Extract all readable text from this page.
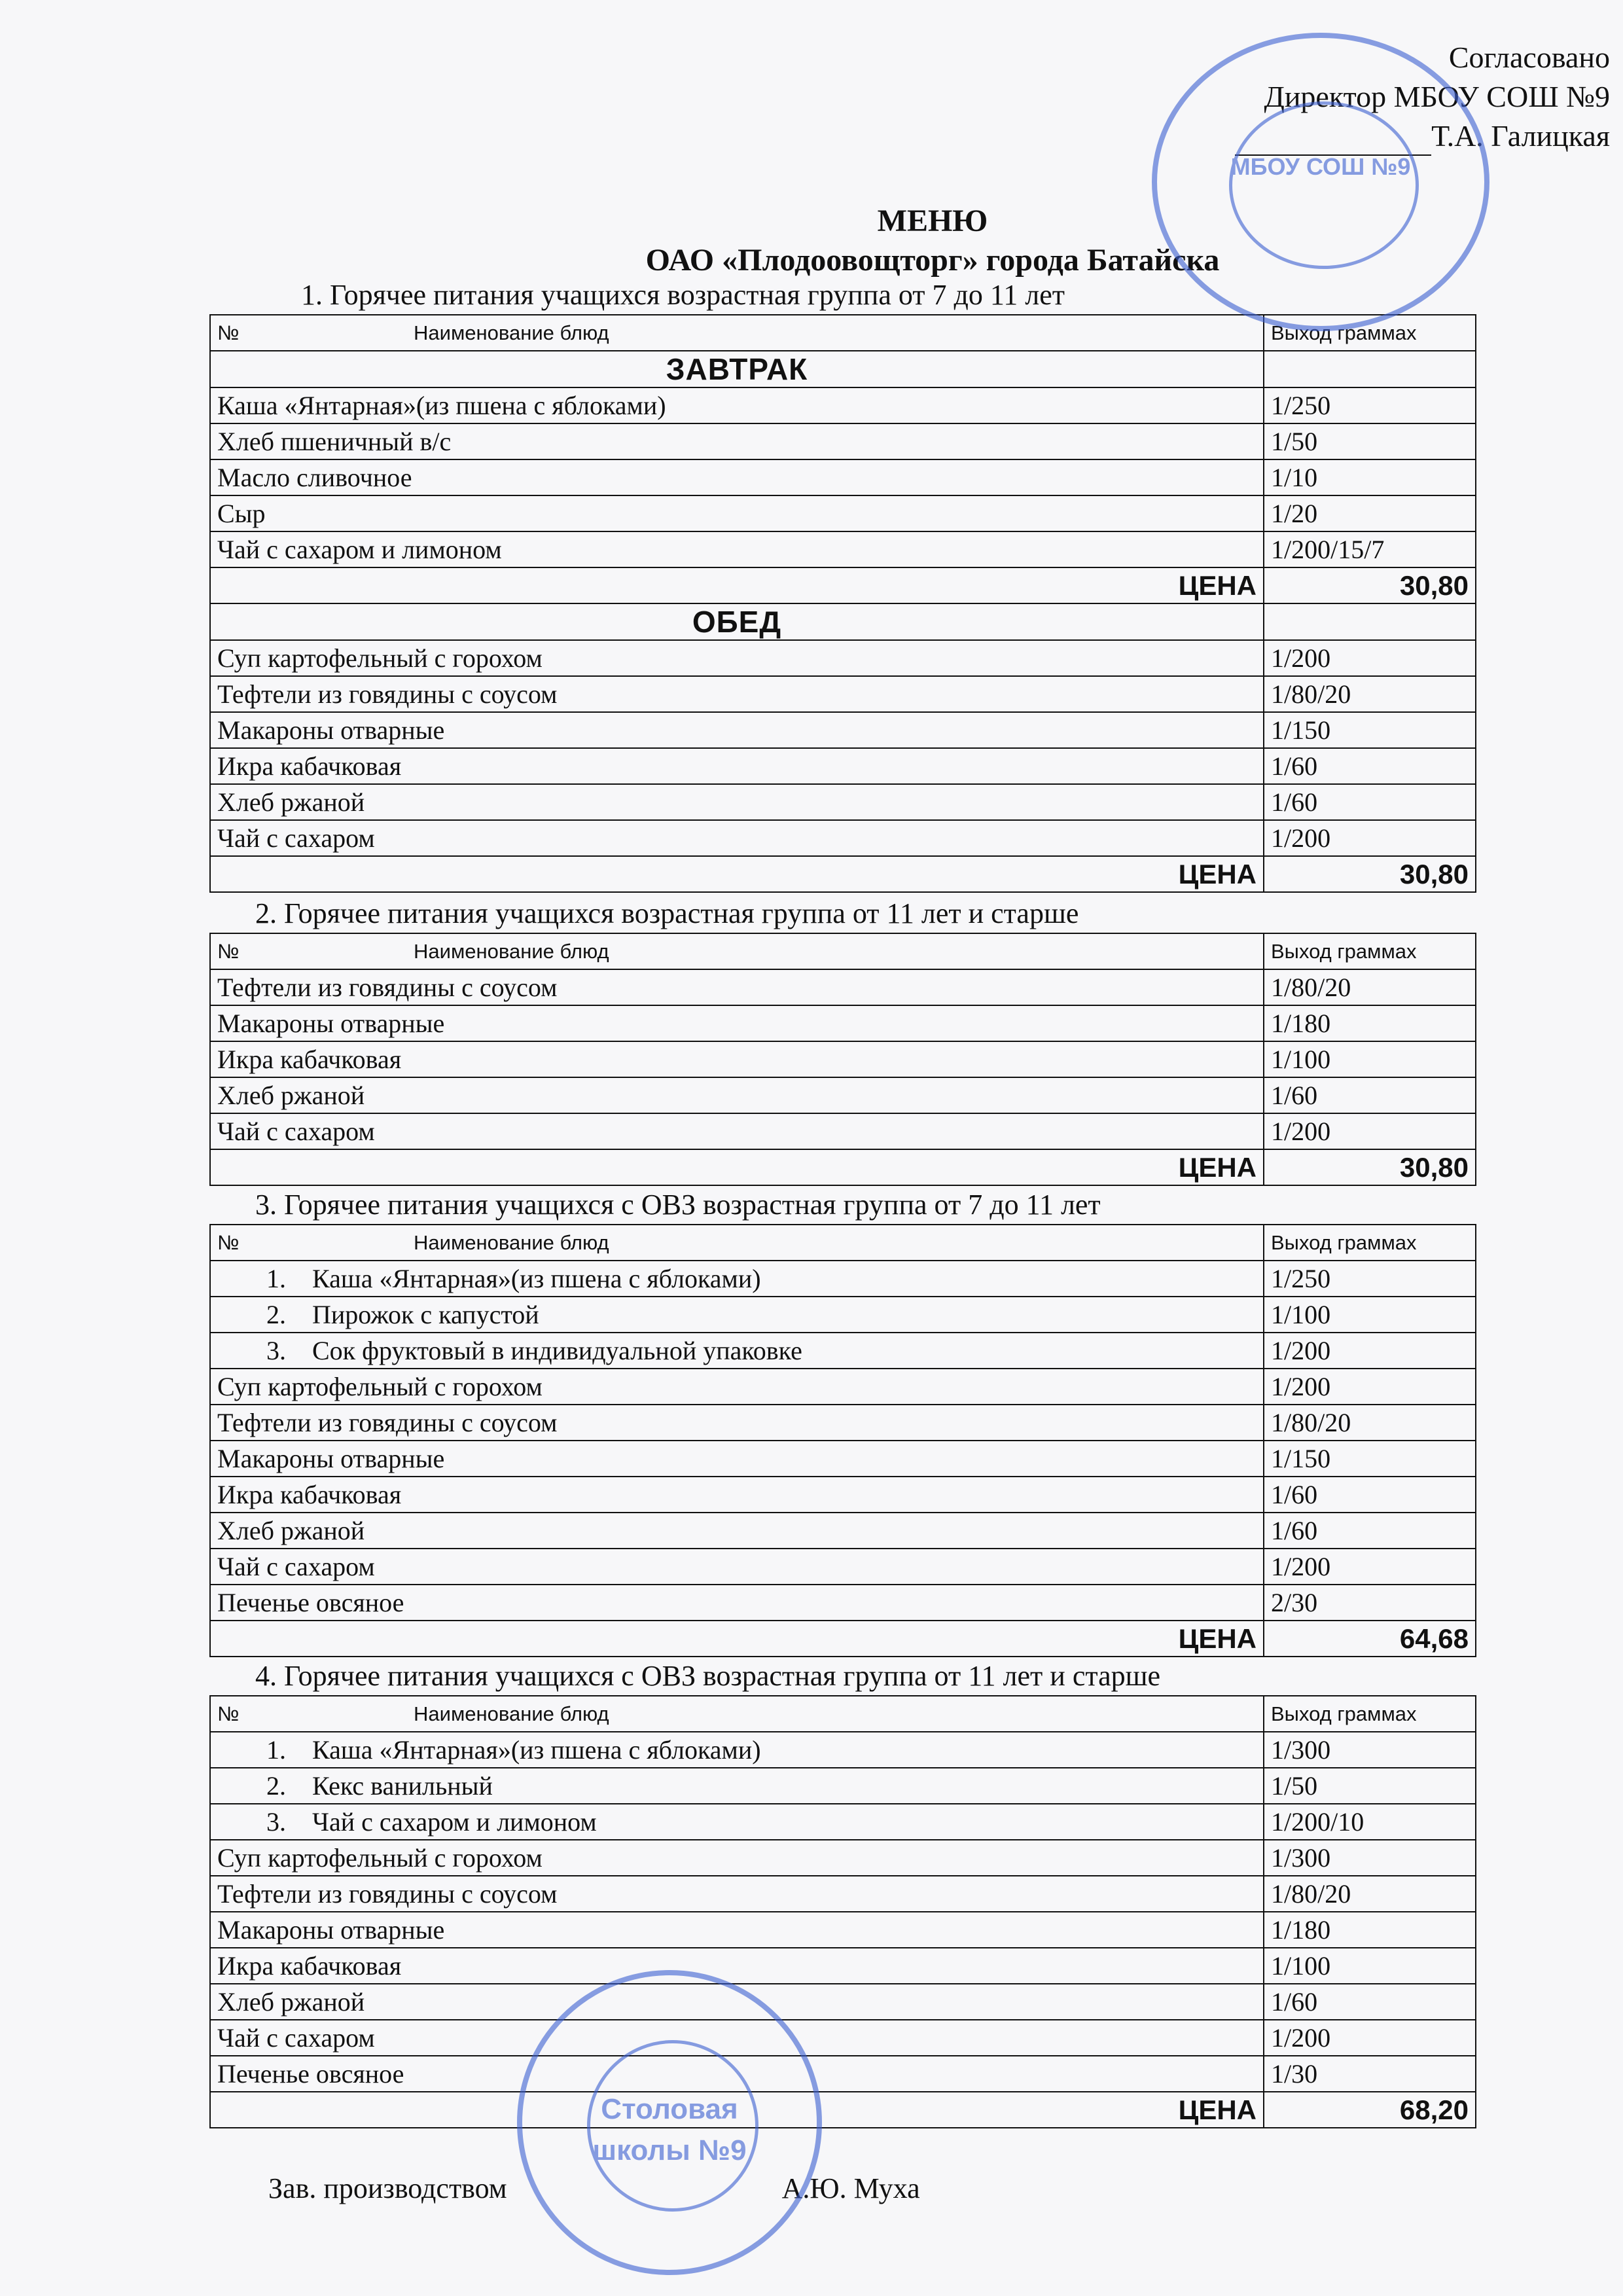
Согласовано
Директор МБОУ СОШ №9
Т.А. Галицкая
МЕНЮ
ОАО «Плодоовощторг» города Батайска
1. Горячее питания учащихся возрастная группа от 7 до 11 лет
№ Наименование блюд	Выход граммах
ЗАВТРАК	
Каша «Янтарная»(из пшена с яблоками)	1/250
Хлеб пшеничный в/с	1/50
Масло сливочное	1/10
Сыр	1/20
Чай с сахаром и лимоном	1/200/15/7
ЦЕНА	30,80
ОБЕД	
Суп картофельный с горохом	1/200
Тефтели из говядины с соусом	1/80/20
Макароны отварные	1/150
Икра кабачковая	1/60
Хлеб ржаной	1/60
Чай с сахаром	1/200
ЦЕНА	30,80
2. Горячее питания учащихся возрастная группа от 11 лет и старше
№ Наименование блюд	Выход граммах
Тефтели из говядины с соусом	1/80/20
Макароны отварные	1/180
Икра кабачковая	1/100
Хлеб ржаной	1/60
Чай с сахаром	1/200
ЦЕНА	30,80
3. Горячее питания учащихся с ОВЗ возрастная группа от 7 до 11 лет
№ Наименование блюд	Выход граммах
1. Каша «Янтарная»(из пшена с яблоками)	1/250
2. Пирожок с капустой	1/100
3. Сок фруктовый в индивидуальной упаковке	1/200
Суп картофельный с горохом	1/200
Тефтели из говядины с соусом	1/80/20
Макароны отварные	1/150
Икра кабачковая	1/60
Хлеб ржаной	1/60
Чай с сахаром	1/200
Печенье овсяное	2/30
ЦЕНА	64,68
4. Горячее питания учащихся с ОВЗ возрастная группа от 11 лет и старше
№ Наименование блюд	Выход граммах
1. Каша «Янтарная»(из пшена с яблоками)	1/300
2. Кекс ванильный	1/50
3. Чай с сахаром и лимоном	1/200/10
Суп картофельный с горохом	1/300
Тефтели из говядины с соусом	1/80/20
Макароны отварные	1/180
Икра кабачковая	1/100
Хлеб ржаной	1/60
Чай с сахаром	1/200
Печенье овсяное	1/30
ЦЕНА	68,20
Зав. производством	А.Ю. Муха
МБОУ СОШ №9
Столовая
школы №9
